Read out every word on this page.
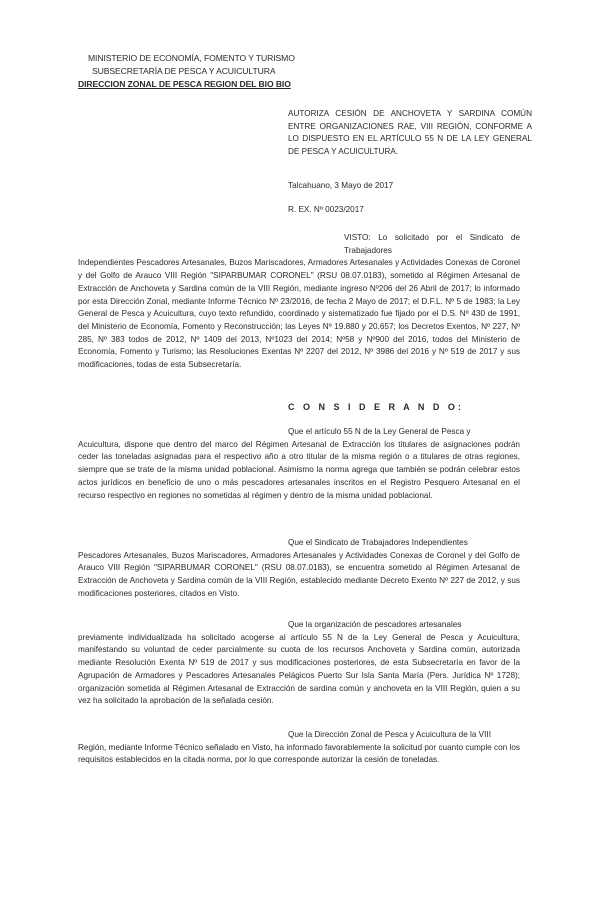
MINISTERIO DE ECONOMÍA, FOMENTO Y TURISMO
SUBSECRETARÍA DE PESCA Y ACUICULTURA
DIRECCION ZONAL DE PESCA REGION DEL BIO BIO
AUTORIZA CESIÓN DE ANCHOVETA Y SARDINA COMÚN ENTRE ORGANIZACIONES RAE, VIII REGIÓN, CONFORME A LO DISPUESTO EN EL ARTÍCULO 55 N DE LA LEY GENERAL DE PESCA Y ACUICULTURA.
Talcahuano, 3 Mayo de 2017
R. EX. Nº 0023/2017
VISTO: Lo solicitado por el Sindicato de Trabajadores
Independientes Pescadores Artesanales, Buzos Mariscadores, Armadores Artesanales y Actividades Conexas de Coronel y del Golfo de Arauco VIII Región "SIPARBUMAR CORONEL" (RSU 08.07.0183), sometido al Régimen Artesanal de Extracción de Anchoveta y Sardina común de la VIII Región, mediante ingreso Nº206 del 26 Abril de 2017; lo informado por esta Dirección Zonal, mediante Informe Técnico Nº 23/2016, de fecha 2 Mayo de 2017; el D.F.L. Nº 5 de 1983; la Ley General de Pesca y Acuicultura, cuyo texto refundido, coordinado y sistematizado fue fijado por el D.S. Nº 430 de 1991, del Ministerio de Economía, Fomento y Reconstrucción; las Leyes Nº 19.880 y 20.657; los Decretos Exentos, Nº 227, Nº 285, Nº 383 todos de 2012, Nº 1409 del 2013, Nº1023 del 2014; Nº58 y Nº900 del 2016, todos del Ministerio de Economía, Fomento y Turismo; las Resoluciones Exentas Nº 2207 del 2012, Nº 3986 del 2016 y Nº 519 de 2017 y sus modificaciones, todas de esta Subsecretaría.
C O N S I D E R A N D O:
Que el artículo 55 N de la Ley General de Pesca y
Acuicultura, dispone que dentro del marco del Régimen Artesanal de Extracción los titulares de asignaciones podrán ceder las toneladas asignadas para el respectivo año a otro titular de la misma región o a titulares de otras regiones, siempre que se trate de la misma unidad poblacional. Asimismo la norma agrega que también se podrán celebrar estos actos jurídicos en beneficio de uno o más pescadores artesanales inscritos en el Registro Pesquero Artesanal en el recurso respectivo en regiones no sometidas al régimen y dentro de la misma unidad poblacional.
Que el Sindicato de Trabajadores Independientes
Pescadores Artesanales, Buzos Mariscadores, Armadores Artesanales y Actividades Conexas de Coronel y del Golfo de Arauco VIII Región "SIPARBUMAR CORONEL" (RSU 08.07.0183), se encuentra sometido al Régimen Artesanal de Extracción de Anchoveta y Sardina común de la VIII Región, establecido mediante Decreto Exento Nº 227 de 2012, y sus modificaciones posteriores, citados en Visto.
Que la organización de pescadores artesanales
previamente individualizada ha solicitado acogerse al artículo 55 N de la Ley General de Pesca y Acuicultura, manifestando su voluntad de ceder parcialmente su cuota de los recursos Anchoveta y Sardina común, autorizada mediante Resolución Exenta Nº 519 de 2017 y sus modificaciones posteriores, de esta Subsecretaría en favor de la Agrupación de Armadores y Pescadores Artesanales Pelágicos Puerto Sur Isla Santa María (Pers. Jurídica Nº 1728); organización sometida al Régimen Artesanal de Extracción de sardina común y anchoveta en la VIII Región, quien a su vez ha solicitado la aprobación de la señalada cesión.
Que la Dirección Zonal de Pesca y Acuicultura de la VIII
Región, mediante Informe Técnico señalado en Visto, ha informado favorablemente la solicitud por cuanto cumple con los requisitos establecidos en la citada norma, por lo que corresponde autorizar la cesión de toneladas.
